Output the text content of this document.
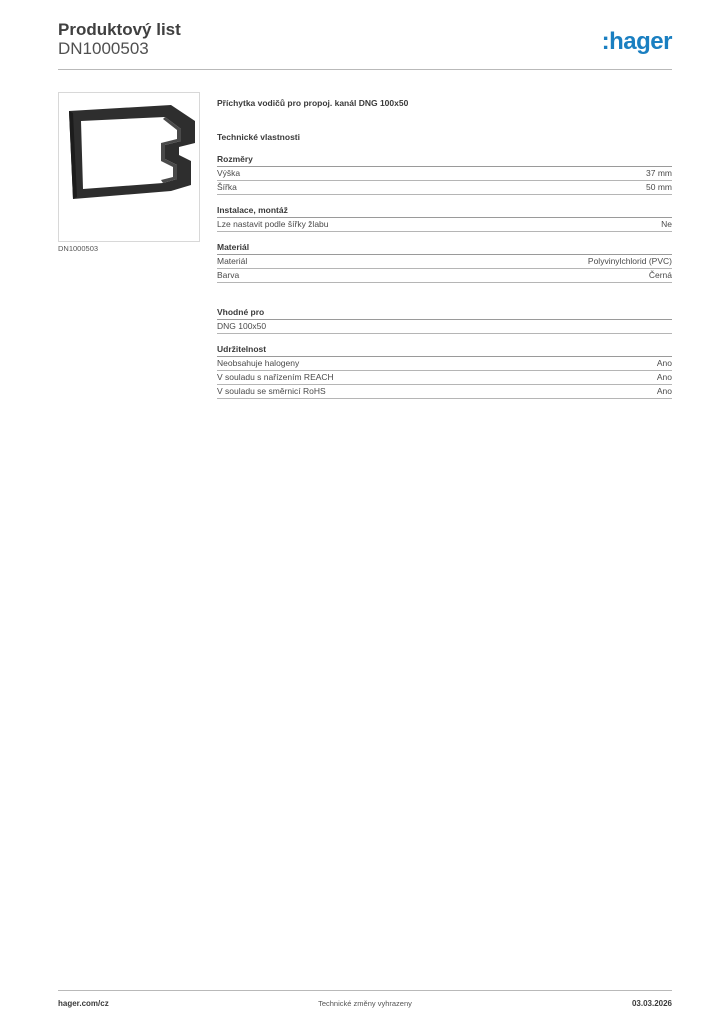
Produktový list
DN1000503	:hager
DN1000503
Příchytka vodičů pro propoj. kanál DNG 100x50
Technické vlastnosti
Rozměry
Výška	37 mm
Šířka	50 mm
Instalace, montáž
Lze nastavit podle šířky žlabu	Ne
Materiál
Materiál	Polyvinylchlorid (PVC)
Barva	Černá
Vhodné pro
DNG 100x50
Udržitelnost
Neobsahuje halogeny	Ano
V souladu s nařízením REACH	Ano
V souladu se směrnicí RoHS	Ano
hager.com/cz	Technické změny vyhrazeny	03.03.2026
